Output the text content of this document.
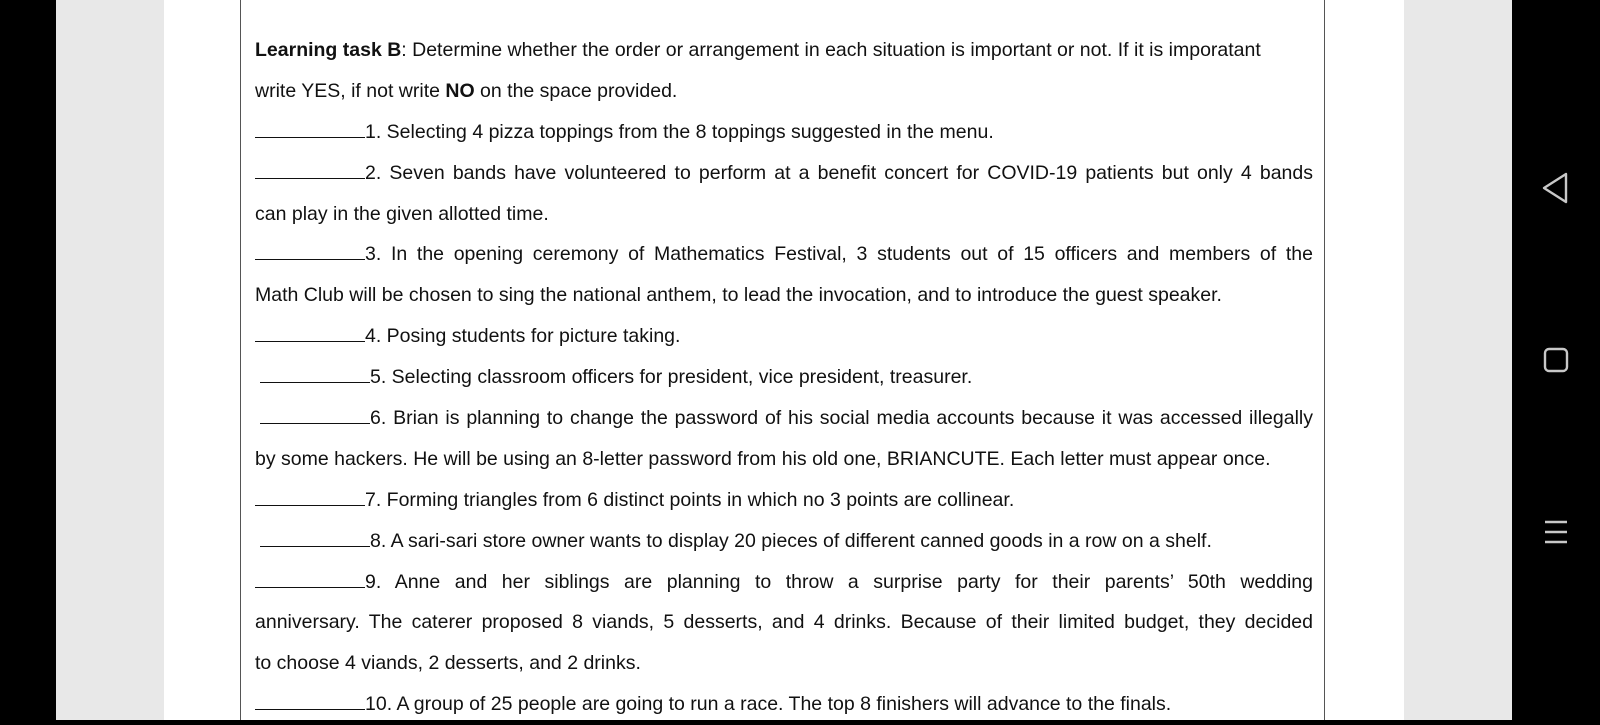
Learning task B: Determine whether the order or arrangement in each situation is important or not. If it is imporatant
write YES, if not write NO on the space provided.
1. Selecting 4 pizza toppings from the 8 toppings suggested in the menu.
2. Seven bands have volunteered to perform at a benefit concert for COVID-19 patients but only 4 bands
can play in the given allotted time.
3. In the opening ceremony of Mathematics Festival, 3 students out of 15 officers and members of the
Math Club will be chosen to sing the national anthem, to lead the invocation, and to introduce the guest speaker.
4. Posing students for picture taking.
5. Selecting classroom officers for president, vice president, treasurer.
6. Brian is planning to change the password of his social media accounts because it was accessed illegally
by some hackers. He will be using an 8-letter password from his old one, BRIANCUTE. Each letter must appear once.
7. Forming triangles from 6 distinct points in which no 3 points are collinear.
8. A sari-sari store owner wants to display 20 pieces of different canned goods in a row on a shelf.
9. Anne and her siblings are planning to throw a surprise party for their parents’ 50th wedding
anniversary. The caterer proposed 8 viands, 5 desserts, and 4 drinks. Because of their limited budget, they decided
to choose 4 viands, 2 desserts, and 2 drinks.
10. A group of 25 people are going to run a race. The top 8 finishers will advance to the finals.
